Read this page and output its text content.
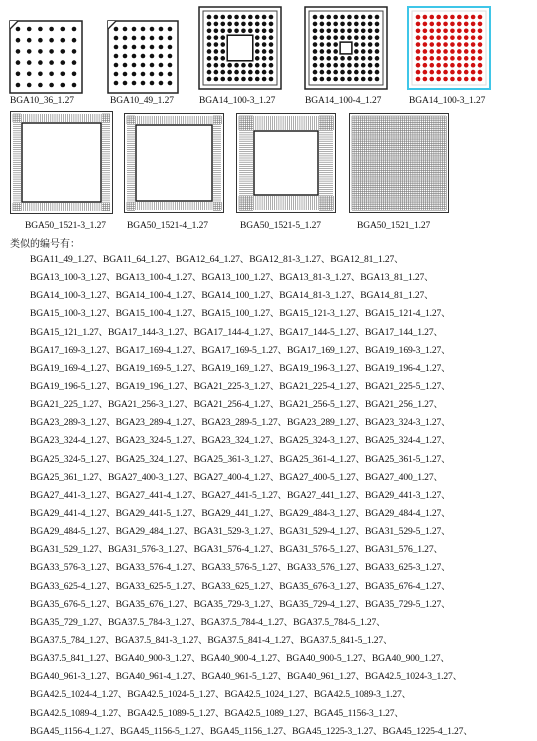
BGA10_36_1.27	BGA10_49_1.27	BGA14_100-3_1.27	BGA14_100-4_1.27	BGA14_100-3_1.27
BGA50_1521-3_1.27 BGA50_1521-4_1.27	BGA50_1521-5_1.27	BGA50_1521_1.27
类似的编号有：
BGA11_49_1.27、BGA11_64_1.27、BGA12_64_1.27、BGA12_81-3_1.27、BGA12_81_1.27、
BGA13_100-3_1.27、BGA13_100-4_1.27、BGA13_100_1.27、BGA13_81-3_1.27、BGA13_81_1.27、
BGA14_100-3_1.27、BGA14_100-4_1.27、BGA14_100_1.27、BGA14_81-3_1.27、BGA14_81_1.27、
BGA15_100-3_1.27、BGA15_100-4_1.27、BGA15_100_1.27、BGA15_121-3_1.27、BGA15_121-4_1.27、
BGA15_121_1.27、BGA17_144-3_1.27、BGA17_144-4_1.27、BGA17_144-5_1.27、BGA17_144_1.27、
BGA17_169-3_1.27、BGA17_169-4_1.27、BGA17_169-5_1.27、BGA17_169_1.27、BGA19_169-3_1.27、
BGA19_169-4_1.27、BGA19_169-5_1.27、BGA19_169_1.27、BGA19_196-3_1.27、BGA19_196-4_1.27、
BGA19_196-5_1.27、BGA19_196_1.27、BGA21_225-3_1.27、BGA21_225-4_1.27、BGA21_225-5_1.27、
BGA21_225_1.27、BGA21_256-3_1.27、BGA21_256-4_1.27、BGA21_256-5_1.27、BGA21_256_1.27、
BGA23_289-3_1.27、BGA23_289-4_1.27、BGA23_289-5_1.27、BGA23_289_1.27、BGA23_324-3_1.27、
BGA23_324-4_1.27、BGA23_324-5_1.27、BGA23_324_1.27、BGA25_324-3_1.27、BGA25_324-4_1.27、
BGA25_324-5_1.27、BGA25_324_1.27、BGA25_361-3_1.27、BGA25_361-4_1.27、BGA25_361-5_1.27、
BGA25_361_1.27、BGA27_400-3_1.27、BGA27_400-4_1.27、BGA27_400-5_1.27、BGA27_400_1.27、
BGA27_441-3_1.27、BGA27_441-4_1.27、BGA27_441-5_1.27、BGA27_441_1.27、BGA29_441-3_1.27、
BGA29_441-4_1.27、BGA29_441-5_1.27、BGA29_441_1.27、BGA29_484-3_1.27、BGA29_484-4_1.27、
BGA29_484-5_1.27、BGA29_484_1.27、BGA31_529-3_1.27、BGA31_529-4_1.27、BGA31_529-5_1.27、
BGA31_529_1.27、BGA31_576-3_1.27、BGA31_576-4_1.27、BGA31_576-5_1.27、BGA31_576_1.27、
BGA33_576-3_1.27、BGA33_576-4_1.27、BGA33_576-5_1.27、BGA33_576_1.27、BGA33_625-3_1.27、
BGA33_625-4_1.27、BGA33_625-5_1.27、BGA33_625_1.27、BGA35_676-3_1.27、BGA35_676-4_1.27、
BGA35_676-5_1.27、BGA35_676_1.27、BGA35_729-3_1.27、BGA35_729-4_1.27、BGA35_729-5_1.27、
BGA35_729_1.27、BGA37.5_784-3_1.27、BGA37.5_784-4_1.27、BGA37.5_784-5_1.27、
BGA37.5_784_1.27、BGA37.5_841-3_1.27、BGA37.5_841-4_1.27、BGA37.5_841-5_1.27、
BGA37.5_841_1.27、BGA40_900-3_1.27、BGA40_900-4_1.27、BGA40_900-5_1.27、BGA40_900_1.27、
BGA40_961-3_1.27、BGA40_961-4_1.27、BGA40_961-5_1.27、BGA40_961_1.27、BGA42.5_1024-3_1.27、
BGA42.5_1024-4_1.27、BGA42.5_1024-5_1.27、BGA42.5_1024_1.27、BGA42.5_1089-3_1.27、
BGA42.5_1089-4_1.27、BGA42.5_1089-5_1.27、BGA42.5_1089_1.27、BGA45_1156-3_1.27、
BGA45_1156-4_1.27、BGA45_1156-5_1.27、BGA45_1156_1.27、BGA45_1225-3_1.27、BGA45_1225-4_1.27、
